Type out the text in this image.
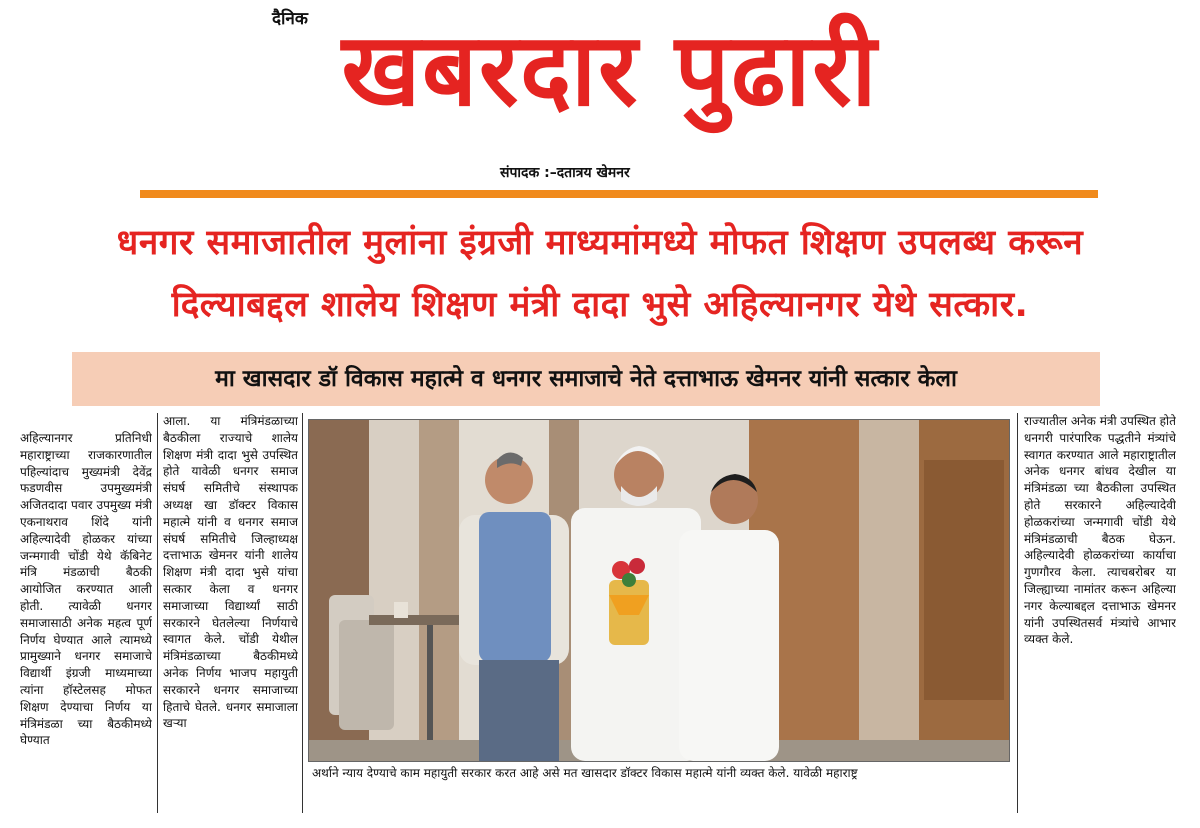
दैनिक खबरदार पुढारी
संपादक :–दतात्रय खेमनर
धनगर समाजातील मुलांना इंग्रजी माध्यमांमध्ये मोफत शिक्षण उपलब्ध करून
दिल्याबद्दल शालेय शिक्षण मंत्री दादा भुसे अहिल्यानगर येथे सत्कार.
मा खासदार डॉ विकास महात्मे व धनगर समाजाचे नेते दत्ताभाऊ खेमनर यांनी सत्कार केला
अहिल्यानगर प्रतिनिधी महाराष्ट्राच्या राजकारणातील पहिल्यांदाच मुख्यमंत्री देवेंद्र फडणवीस उपमुख्यमंत्री अजितदादा पवार उपमुख्य मंत्री एकनाथराव शिंदे यांनी अहिल्यादेवी होळकर यांच्या जन्मगावी चोंडी येथे कॅबिनेट मंत्रि मंडळाची बैठकी आयोजित करण्यात आली होती. त्यावेळी धनगर समाजासाठी अनेक महत्व पूर्ण निर्णय घेण्यात आले त्यामध्ये प्रामुख्याने धनगर समाजाचे विद्यार्थी इंग्रजी माध्यमाच्या त्यांना हॉस्टेलसह मोफत शिक्षण देण्याचा निर्णय या मंत्रिमंडळा च्या बैठकीमध्ये घेण्यात
आला. या मंत्रिमंडळाच्या बैठकीला राज्याचे शालेय शिक्षण मंत्री दादा भुसे उपस्थित होते यावेळी धनगर समाज संघर्ष समितीचे संस्थापक अध्यक्ष खा डॉक्टर विकास महात्मे यांनी व धनगर समाज संघर्ष समितीचे जिल्हाध्यक्ष दत्ताभाऊ खेमनर यांनी शालेय शिक्षण मंत्री दादा भुसे यांचा सत्कार केला व धनगर समाजाच्या विद्यार्थ्यां साठी सरकारने घेतलेल्या निर्णयाचे स्वागत केले. चोंडी येथील मंत्रिमंडळाच्या बैठकीमध्ये अनेक निर्णय भाजप महायुती सरकारने धनगर समाजाच्या हिताचे घेतले. धनगर समाजाला खऱ्या
अर्थाने न्याय देण्याचे काम महायुती सरकार करत आहे असे मत खासदार डॉक्टर विकास महात्मे यांनी व्यक्त केले. यावेळी महाराष्ट्र
राज्यातील अनेक मंत्री उपस्थित होते धनगरी पारंपारिक पद्धतीने मंत्र्यांचे स्वागत करण्यात आले महाराष्ट्रातील अनेक धनगर बांधव देखील या मंत्रिमंडळा च्या बैठकीला उपस्थित होते सरकारने अहिल्यादेवी होळकरांच्या जन्मगावी चोंडी येथे मंत्रिमंडळाची बैठक घेऊन. अहिल्यादेवी होळकरांच्या कार्याचा गुणगौरव केला. त्याचबरोबर या जिल्ह्याच्या नामांतर करून अहिल्या नगर केल्याबद्दल दत्ताभाऊ खेमनर यांनी उपस्थितसर्व मंत्र्यांचे आभार व्यक्त केले.
